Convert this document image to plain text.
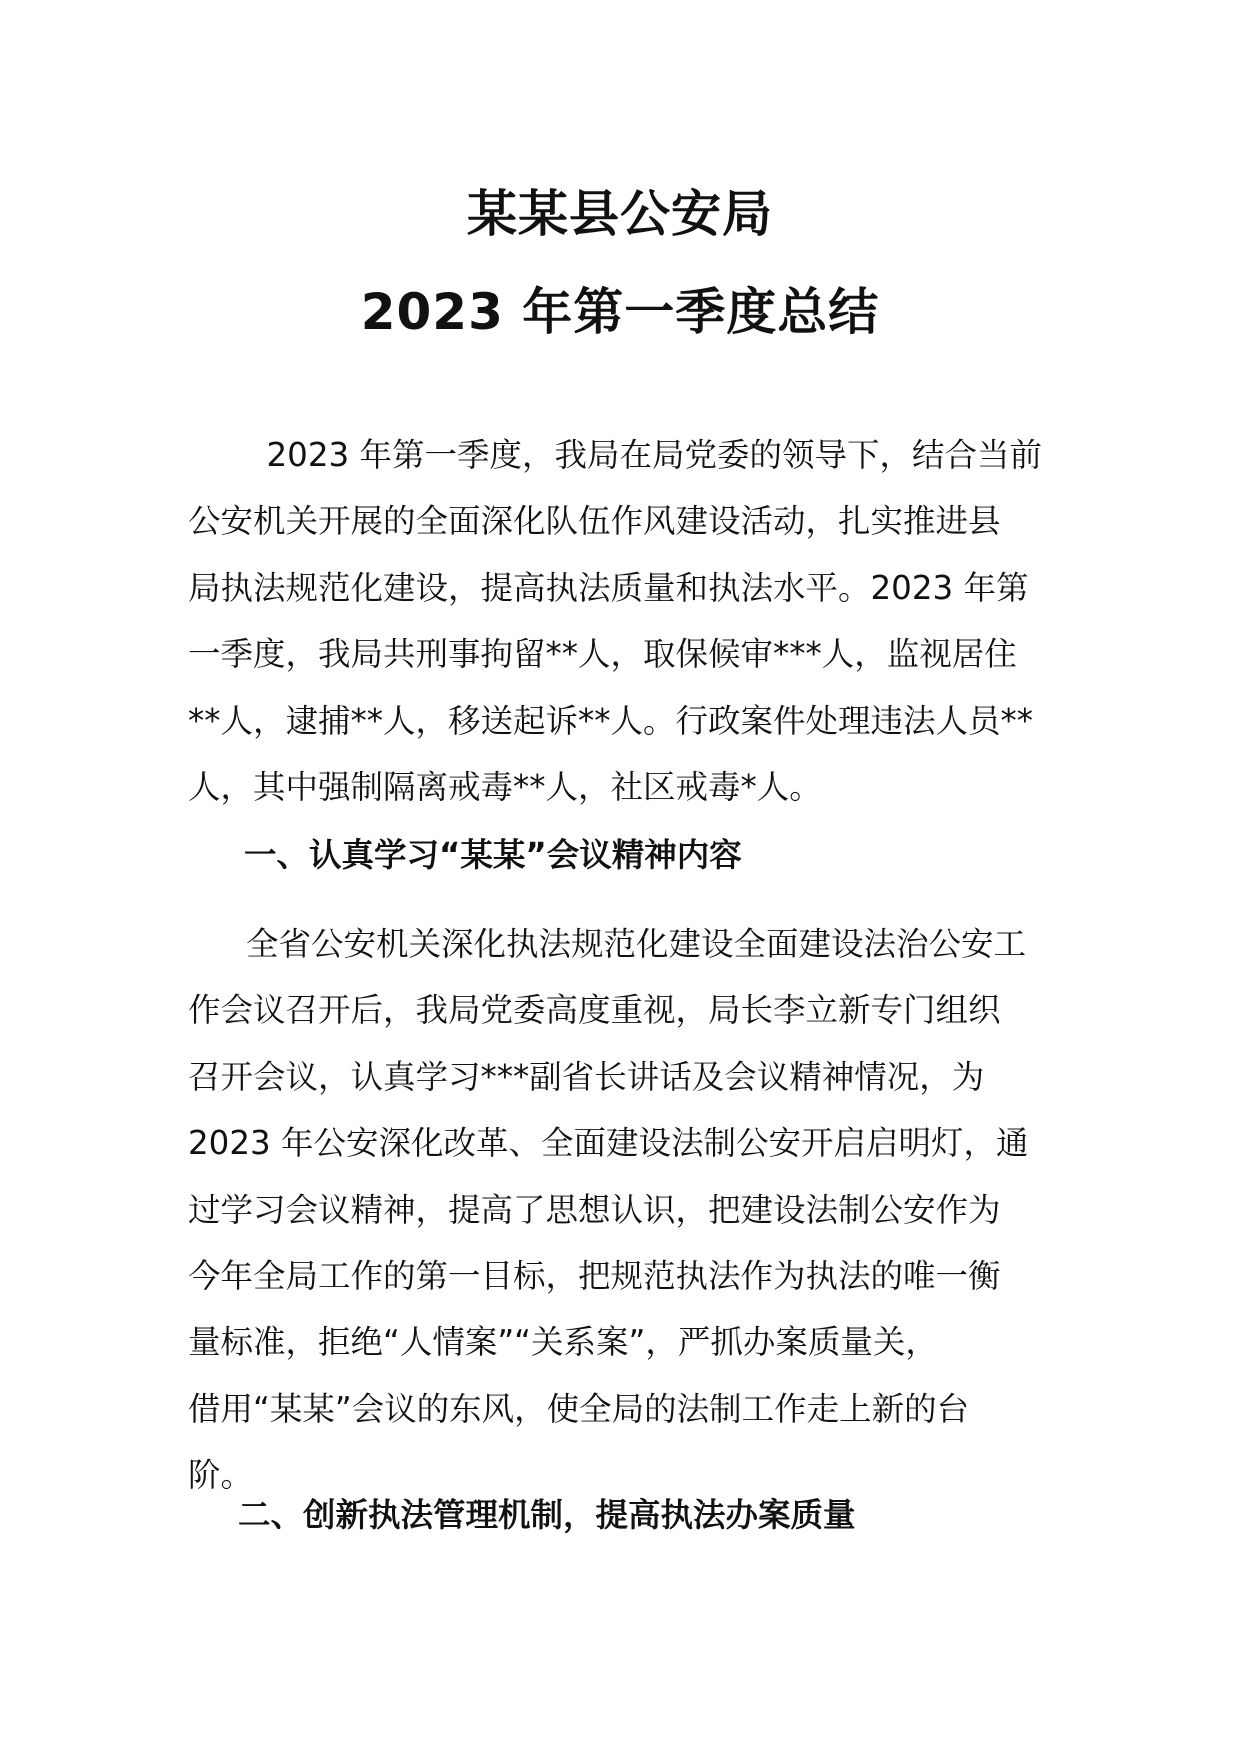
某某县公安局
2023 年第一季度总结
　2023 年第一季度，我局在局党委的领导下，结合当前
公安机关开展的全面深化队伍作风建设活动，扎实推进县
局执法规范化建设，提高执法质量和执法水平。2023 年第
一季度，我局共刑事拘留**人，取保候审***人，监视居住
**人，逮捕**人，移送起诉**人。行政案件处理违法人员**
人，其中强制隔离戒毒**人，社区戒毒*人。
一、认真学习“某某”会议精神内容
全省公安机关深化执法规范化建设全面建设法治公安工
作会议召开后，我局党委高度重视，局长李立新专门组织
召开会议，认真学习***副省长讲话及会议精神情况，为
2023 年公安深化改革、全面建设法制公安开启启明灯，通
过学习会议精神，提高了思想认识，把建设法制公安作为
今年全局工作的第一目标，把规范执法作为执法的唯一衡
量标准，拒绝“人情案”“关系案”，严抓办案质量关，
借用“某某”会议的东风，使全局的法制工作走上新的台
阶。
二、创新执法管理机制，提高执法办案质量
